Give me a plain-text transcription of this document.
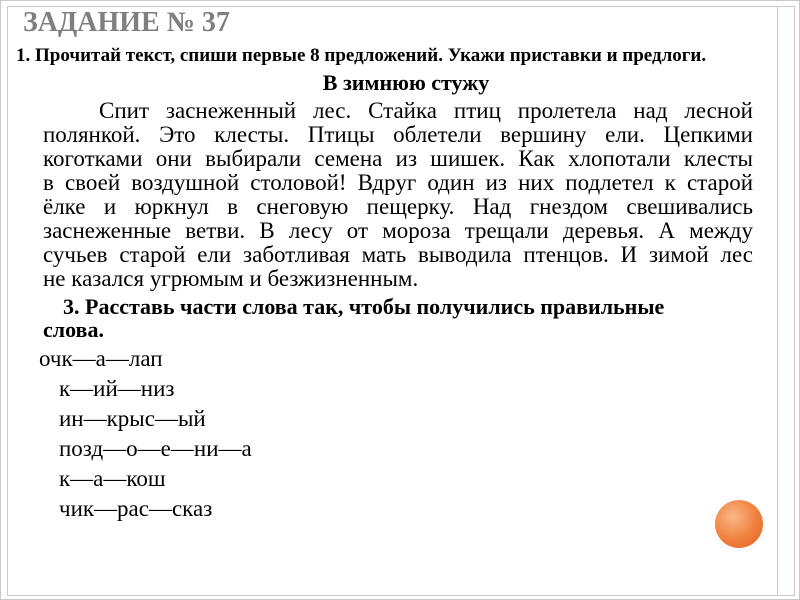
ЗАДАНИЕ № 37
1. Прочитай текст, спиши первые 8 предложений. Укажи приставки и предлоги.
В зимнюю стужу
Спит заснеженный лес. Стайка птиц пролетела над лесной
полянкой. Это клесты. Птицы облетели вершину ели. Цепкими
коготками они выбирали семена из шишек. Как хлопотали клесты
в своей воздушной столовой! Вдруг один из них подлетел к старой
ёлке и юркнул в снеговую пещерку. Над гнездом свешивались
заснеженные ветви. В лесу от мороза трещали деревья. А между
сучьев старой ели заботливая мать выводила птенцов. И зимой лес
не казался угрюмым и безжизненным.
3. Расставь части слова так, чтобы получились правильные
слова.
очк—а—лап
к—ий—низ
ин—крыс—ый
позд—о—е—ни—а
к—а—кош
чик—рас—сказ
